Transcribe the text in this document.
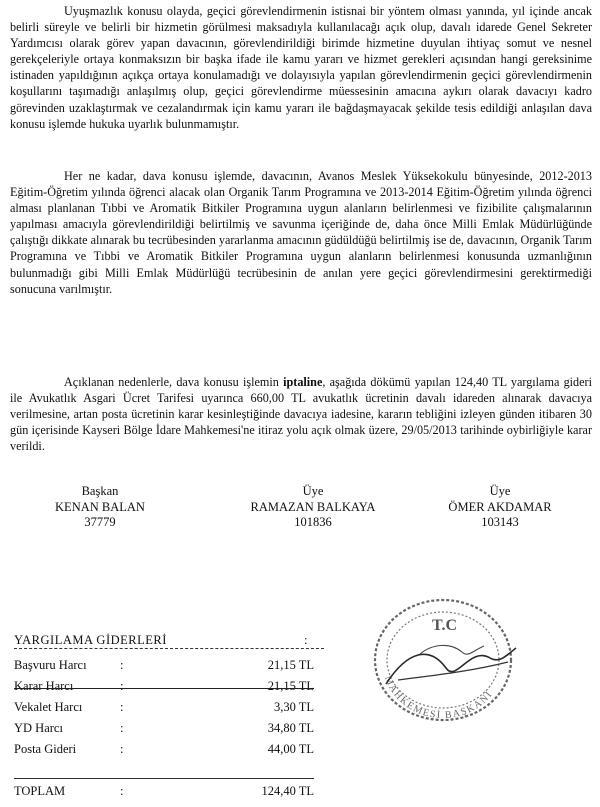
Uyuşmazlık konusu olayda, geçici görevlendirmenin istisnai bir yöntem olması yanında, yıl içinde ancak belirli süreyle ve belirli bir hizmetin görülmesi maksadıyla kullanılacağı açık olup, davalı idarede Genel Sekreter Yardımcısı olarak görev yapan davacının, görevlendirildiği birimde hizmetine duyulan ihtiyaç somut ve nesnel gerekçeleriyle ortaya konmaksızın bir başka ifade ile kamu yararı ve hizmet gerekleri açısından hangi gereksinime istinaden yapıldığının açıkça ortaya konulamadığı ve dolayısıyla yapılan görevlendirmenin geçici görevlendirmenin koşullarını taşımadığı anlaşılmış olup, geçici görevlendirme müessesinin amacına aykırı olarak davacıyı kadro görevinden uzaklaştırmak ve cezalandırmak için kamu yararı ile bağdaşmayacak şekilde tesis edildiği anlaşılan dava konusu işlemde hukuka uyarlık bulunmamıştır.

Her ne kadar, dava konusu işlemde, davacının, Avanos Meslek Yüksekokulu bünyesinde, 2012-2013 Eğitim-Öğretim yılında öğrenci alacak olan Organik Tarım Programına ve 2013-2014 Eğitim-Öğretim yılında öğrenci alması planlanan Tıbbi ve Aromatik Bitkiler Programına uygun alanların belirlenmesi ve fizibilite çalışmalarının yapılması amacıyla görevlendirildiği belirtilmiş ve savunma içeriğinde de, daha önce Milli Emlak Müdürlüğünde çalıştığı dikkate alınarak bu tecrübesinden yararlanma amacının güdüldüğü belirtilmiş ise de, davacının, Organik Tarım Programına ve Tıbbi ve Aromatik Bitkiler Programına uygun alanların belirlenmesi konusunda uzmanlığının bulunmadığı gibi Milli Emlak Müdürlüğü tecrübesinin de anılan yere geçici görevlendirmesini gerektirmediği sonucuna varılmıştır.

Açıklanan nedenlerle, dava konusu işlemin iptaline, aşağıda dökümü yapılan 124,40 TL yargılama gideri ile Avukatlık Asgari Ücret Tarifesi uyarınca 660,00 TL avukatlık ücretinin davalı idareden alınarak davacıya verilmesine, artan posta ücretinin karar kesinleştiğinde davacıya iadesine, kararın tebliğini izleyen günden itibaren 30 gün içerisinde Kayseri Bölge İdare Mahkemesi'ne itiraz yolu açık olmak üzere, 29/05/2013 tarihinde oybirliğiyle karar verildi.

Başkan
KENAN BALAN
37779
Üye
RAMAZAN BALKAYA
101836
Üye
ÖMER AKDAMAR
103143
T.C
MAHKEMESİ BAŞKANI
YARGILAMA GİDERLERİ	:
Başvuru Harcı	:	21,15 TL
Karar Harcı	:	21,15 TL
Vekalet Harcı	:	3,30 TL
YD Harcı	:	34,80 TL
Posta Gideri	:	44,00 TL
TOPLAM	:	124,40 TL
